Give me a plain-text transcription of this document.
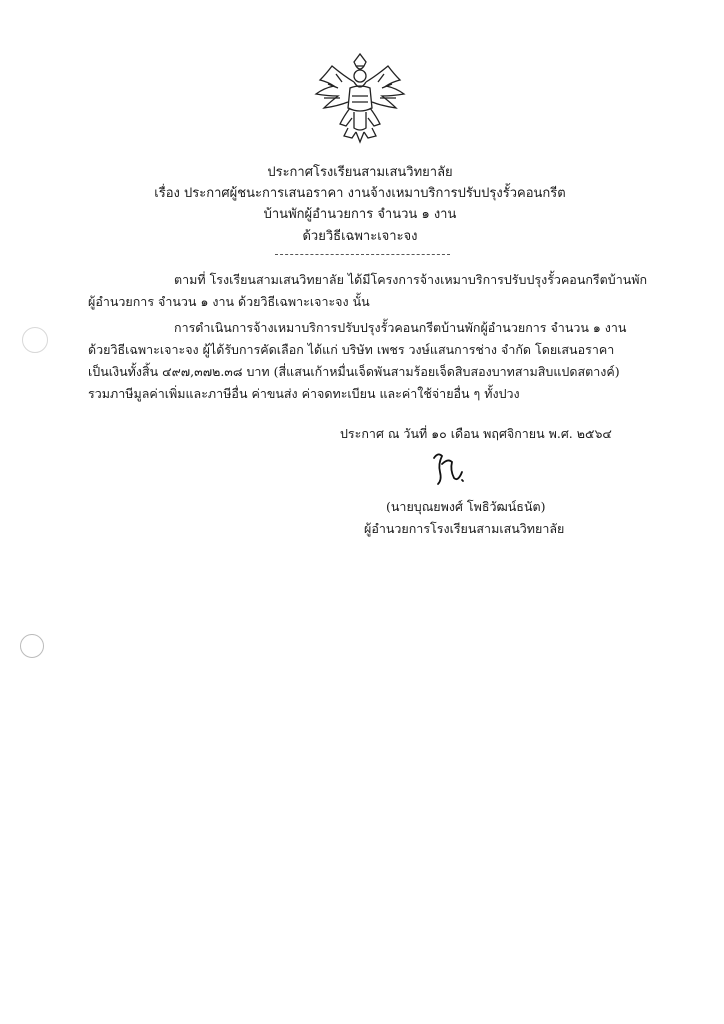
ประกาศโรงเรียนสามเสนวิทยาลัย
เรื่อง ประกาศผู้ชนะการเสนอราคา งานจ้างเหมาบริการปรับปรุงรั้วคอนกรีต
บ้านพักผู้อำนวยการ จำนวน ๑ งาน
ด้วยวิธีเฉพาะเจาะจง
ตามที่ โรงเรียนสามเสนวิทยาลัย ได้มีโครงการจ้างเหมาบริการปรับปรุงรั้วคอนกรีตบ้านพัก
ผู้อำนวยการ จำนวน ๑ งาน ด้วยวิธีเฉพาะเจาะจง นั้น
การดำเนินการจ้างเหมาบริการปรับปรุงรั้วคอนกรีตบ้านพักผู้อำนวยการ จำนวน ๑ งาน
ด้วยวิธีเฉพาะเจาะจง ผู้ได้รับการคัดเลือก ได้แก่ บริษัท เพชร วงษ์แสนการช่าง จำกัด โดยเสนอราคา
เป็นเงินทั้งสิ้น ๔๙๗,๓๗๒.๓๘ บาท (สี่แสนเก้าหมื่นเจ็ดพันสามร้อยเจ็ดสิบสองบาทสามสิบแปดสตางค์)
รวมภาษีมูลค่าเพิ่มและภาษีอื่น ค่าขนส่ง ค่าจดทะเบียน และค่าใช้จ่ายอื่น ๆ ทั้งปวง
ประกาศ ณ วันที่ ๑๐ เดือน พฤศจิกายน พ.ศ. ๒๕๖๔
(นายบุณยพงศ์ โพธิวัฒน์ธนัต)
ผู้อำนวยการโรงเรียนสามเสนวิทยาลัย
